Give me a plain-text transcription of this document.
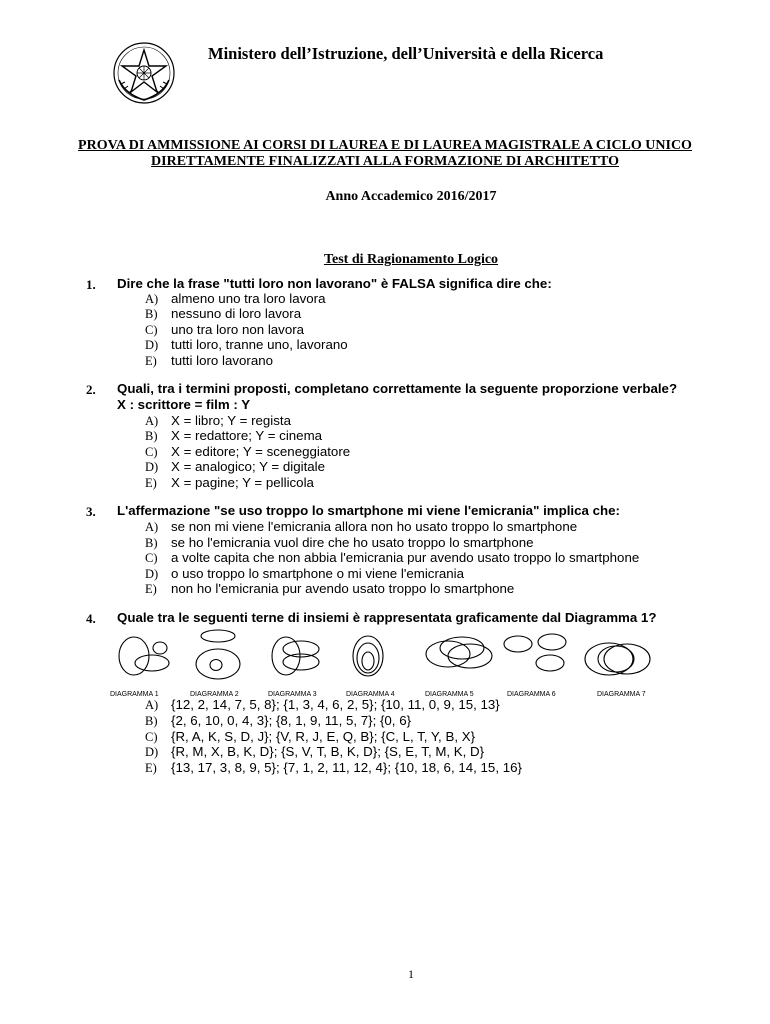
Ministero dell’Istruzione, dell’Università e della Ricerca
PROVA DI AMMISSIONE AI CORSI DI LAUREA E DI LAUREA MAGISTRALE A CICLO UNICO
DIRETTAMENTE FINALIZZATI ALLA FORMAZIONE DI ARCHITETTO
Anno Accademico 2016/2017
Test di Ragionamento Logico
1. Dire che la frase "tutti loro non lavorano" è FALSA significa dire che:
A) almeno uno tra loro lavora
B) nessuno di loro lavora
C) uno tra loro non lavora
D) tutti loro, tranne uno, lavorano
E) tutti loro lavorano
2. Quali, tra i termini proposti, completano correttamente la seguente proporzione verbale?
X : scrittore = film : Y
A) X = libro; Y = regista
B) X = redattore; Y = cinema
C) X = editore; Y = sceneggiatore
D) X = analogico; Y = digitale
E) X = pagine; Y = pellicola
3. L'affermazione "se uso troppo lo smartphone mi viene l'emicrania" implica che:
A) se non mi viene l'emicrania allora non ho usato troppo lo smartphone
B) se ho l'emicrania vuol dire che ho usato troppo lo smartphone
C) a volte capita che non abbia l'emicrania pur avendo usato troppo lo smartphone
D) o uso troppo lo smartphone o mi viene l'emicrania
E) non ho l'emicrania pur avendo usato troppo lo smartphone
4. Quale tra le seguenti terne di insiemi è rappresentata graficamente dal Diagramma 1?
DIAGRAMMA 1	DIAGRAMMA 2	DIAGRAMMA 3	DIAGRAMMA 4	DIAGRAMMA 5	DIAGRAMMA 6	DIAGRAMMA 7
A) {12, 2, 14, 7, 5, 8}; {1, 3, 4, 6, 2, 5}; {10, 11, 0, 9, 15, 13}
B) {2, 6, 10, 0, 4, 3}; {8, 1, 9, 11, 5, 7}; {0, 6}
C) {R, A, K, S, D, J}; {V, R, J, E, Q, B}; {C, L, T, Y, B, X}
D) {R, M, X, B, K, D}; {S, V, T, B, K, D}; {S, E, T, M, K, D}
E) {13, 17, 3, 8, 9, 5}; {7, 1, 2, 11, 12, 4}; {10, 18, 6, 14, 15, 16}
1
